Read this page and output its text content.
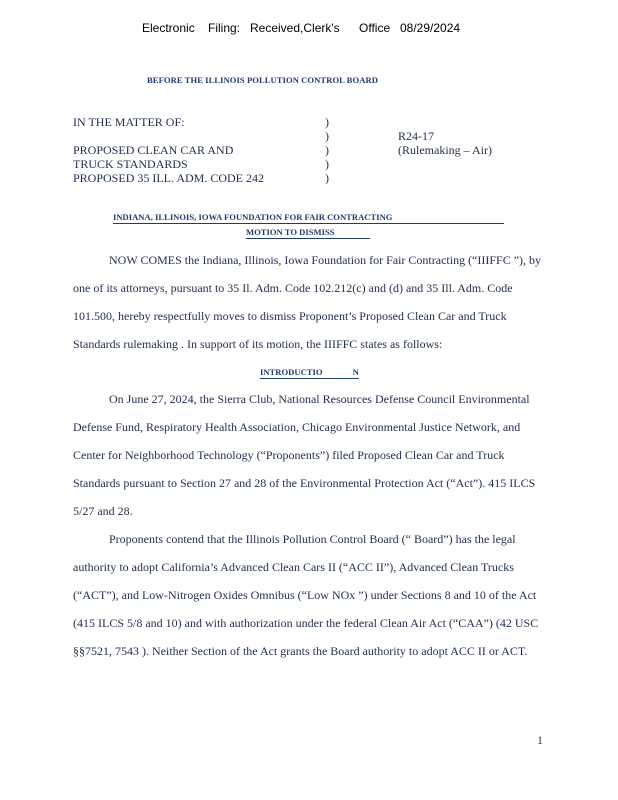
Electronic Filing: Received,Clerk's Office 08/29/2024
BEFORE THE ILLINOIS POLLUTION CONTROL BOARD
IN THE MATTER OF:
PROPOSED CLEAN CAR AND
TRUCK STANDARDS
PROPOSED 35 ILL. ADM. CODE 242
)
)
)
)
)
R24-17
(Rulemaking – Air)
INDIANA, ILLINOIS, IOWA FOUNDATION FOR FAIR CONTRACTING
MOTION TO DISMISS
NOW COMES the Indiana, Illinois, Iowa Foundation for Fair Contracting (“IIIFFC ”), by
one of its attorneys, pursuant to 35 Il. Adm. Code 102.212(c) and (d) and 35 Ill. Adm. Code
101.500, hereby respectfully moves to dismiss Proponent’s Proposed Clean Car and Truck
Standards rulemaking . In support of its motion, the IIIFFC states as follows:
INTRODUCTIO	N
On June 27, 2024, the Sierra Club, National Resources Defense Council Environmental
Defense Fund, Respiratory Health Association, Chicago Environmental Justice Network, and
Center for Neighborhood Technology (“Proponents”) filed Proposed Clean Car and Truck
Standards pursuant to Section 27 and 28 of the Environmental Protection Act (“Act”). 415 ILCS
5/27 and 28.
Proponents contend that the Illinois Pollution Control Board (“ Board”) has the legal
authority to adopt California’s Advanced Clean Cars II (“ACC II”), Advanced Clean Trucks
(“ACT”), and Low-Nitrogen Oxides Omnibus (“Low NOx ”) under Sections 8 and 10 of the Act
(415 ILCS 5/8 and 10) and with authorization under the federal Clean Air Act (“CAA”) (42 USC
§§7521, 7543 ). Neither Section of the Act grants the Board authority to adopt ACC II or ACT.
1
